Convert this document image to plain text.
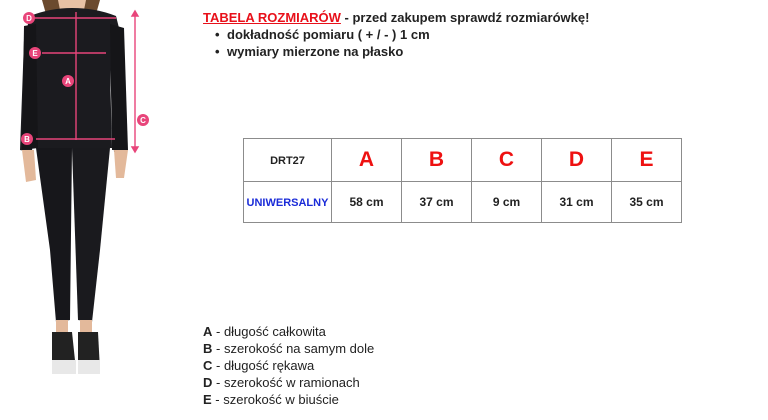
D
E
A
C
B
TABELA ROZMIARÓW - przed zakupem sprawdź rozmiarówkę!
• dokładność pomiaru ( + / - ) 1 cm
• wymiary mierzone na płasko
DRT27	A	B	C	D	E
UNIWERSALNY	58 cm	37 cm	9 cm	31 cm	35 cm
A - długość całkowita
B - szerokość na samym dole
C - długość rękawa
D - szerokość w ramionach
E - szerokość w biuście
